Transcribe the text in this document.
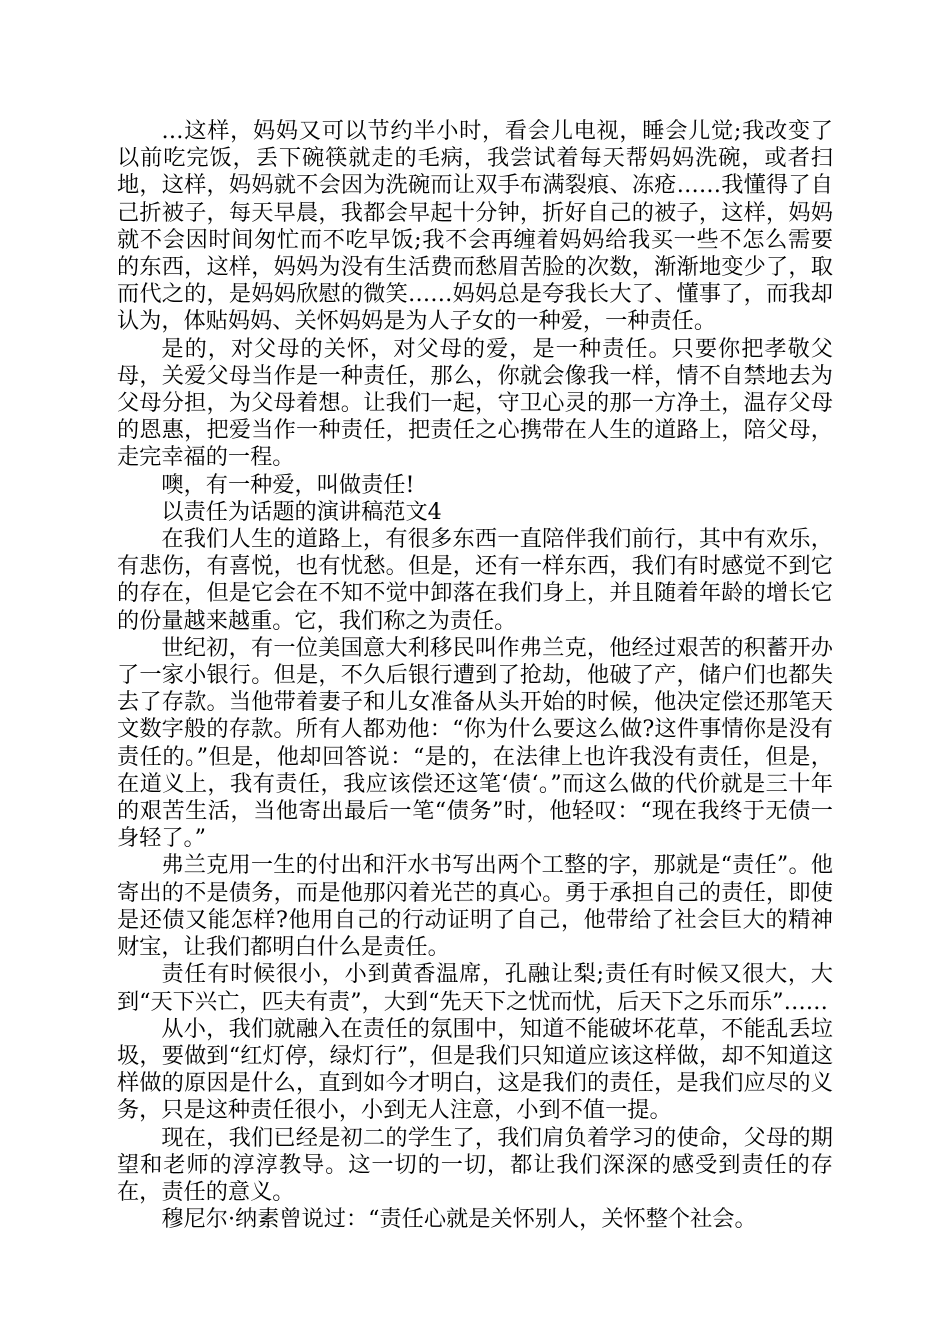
…这样，妈妈又可以节约半小时，看会儿电视，睡会儿觉;我改变了以前吃完饭，丢下碗筷就走的毛病，我尝试着每天帮妈妈洗碗，或者扫地，这样，妈妈就不会因为洗碗而让双手布满裂痕、冻疮……我懂得了自己折被子，每天早晨，我都会早起十分钟，折好自己的被子，这样，妈妈就不会因时间匆忙而不吃早饭;我不会再缠着妈妈给我买一些不怎么需要的东西，这样，妈妈为没有生活费而愁眉苦脸的次数，渐渐地变少了，取而代之的，是妈妈欣慰的微笑……妈妈总是夸我长大了、懂事了，而我却认为，体贴妈妈、关怀妈妈是为人子女的一种爱，一种责任。

是的，对父母的关怀，对父母的爱，是一种责任。只要你把孝敬父母，关爱父母当作是一种责任，那么，你就会像我一样，情不自禁地去为父母分担，为父母着想。让我们一起，守卫心灵的那一方净土，温存父母的恩惠，把爱当作一种责任，把责任之心携带在人生的道路上，陪父母，走完幸福的一程。

噢，有一种爱，叫做责任!

以责任为话题的演讲稿范文4

在我们人生的道路上，有很多东西一直陪伴我们前行，其中有欢乐，有悲伤，有喜悦，也有忧愁。但是，还有一样东西，我们有时感觉不到它的存在，但是它会在不知不觉中卸落在我们身上，并且随着年龄的增长它的份量越来越重。它，我们称之为责任。

世纪初，有一位美国意大利移民叫作弗兰克，他经过艰苦的积蓄开办了一家小银行。但是，不久后银行遭到了抢劫，他破了产，储户们也都失去了存款。当他带着妻子和儿女准备从头开始的时候，他决定偿还那笔天文数字般的存款。所有人都劝他：“你为什么要这么做?这件事情你是没有责任的。”但是，他却回答说：“是的，在法律上也许我没有责任，但是，在道义上，我有责任，我应该偿还这笔‘债‘。”而这么做的代价就是三十年的艰苦生活，当他寄出最后一笔“债务”时，他轻叹：“现在我终于无债一身轻了。”

弗兰克用一生的付出和汗水书写出两个工整的字，那就是“责任”。他寄出的不是债务，而是他那闪着光芒的真心。勇于承担自己的责任，即使是还债又能怎样?他用自己的行动证明了自己，他带给了社会巨大的精神财宝，让我们都明白什么是责任。

责任有时候很小，小到黄香温席，孔融让梨;责任有时候又很大，大到“天下兴亡，匹夫有责”，大到“先天下之忧而忧，后天下之乐而乐”……

从小，我们就融入在责任的氛围中，知道不能破坏花草，不能乱丢垃圾，要做到“红灯停，绿灯行”，但是我们只知道应该这样做，却不知道这样做的原因是什么，直到如今才明白，这是我们的责任，是我们应尽的义务，只是这种责任很小，小到无人注意，小到不值一提。

现在，我们已经是初二的学生了，我们肩负着学习的使命，父母的期望和老师的淳淳教导。这一切的一切，都让我们深深的感受到责任的存在，责任的意义。

穆尼尔·纳素曾说过：“责任心就是关怀别人，关怀整个社会。
